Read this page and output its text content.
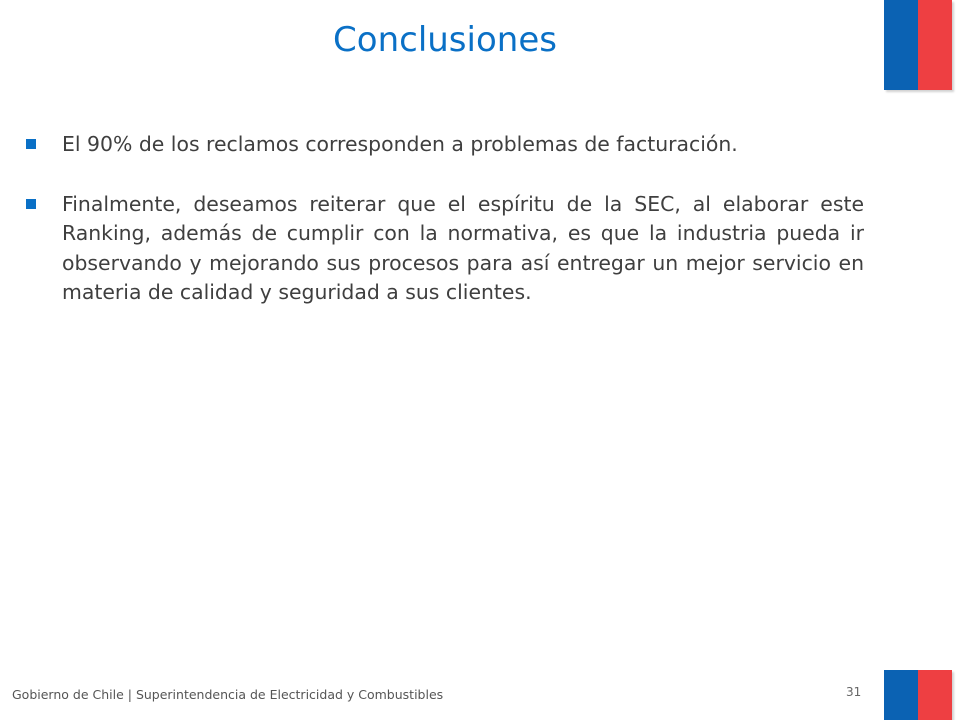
Conclusiones
El 90% de los reclamos corresponden a problemas de facturación.
Finalmente, deseamos reiterar que el espíritu de la SEC, al elaborar este Ranking, además de cumplir con la normativa, es que la industria pueda ir observando y mejorando sus procesos para así entregar un mejor servicio en materia de calidad y seguridad a sus clientes.
Gobierno de Chile | Superintendencia de Electricidad y Combustibles	31
